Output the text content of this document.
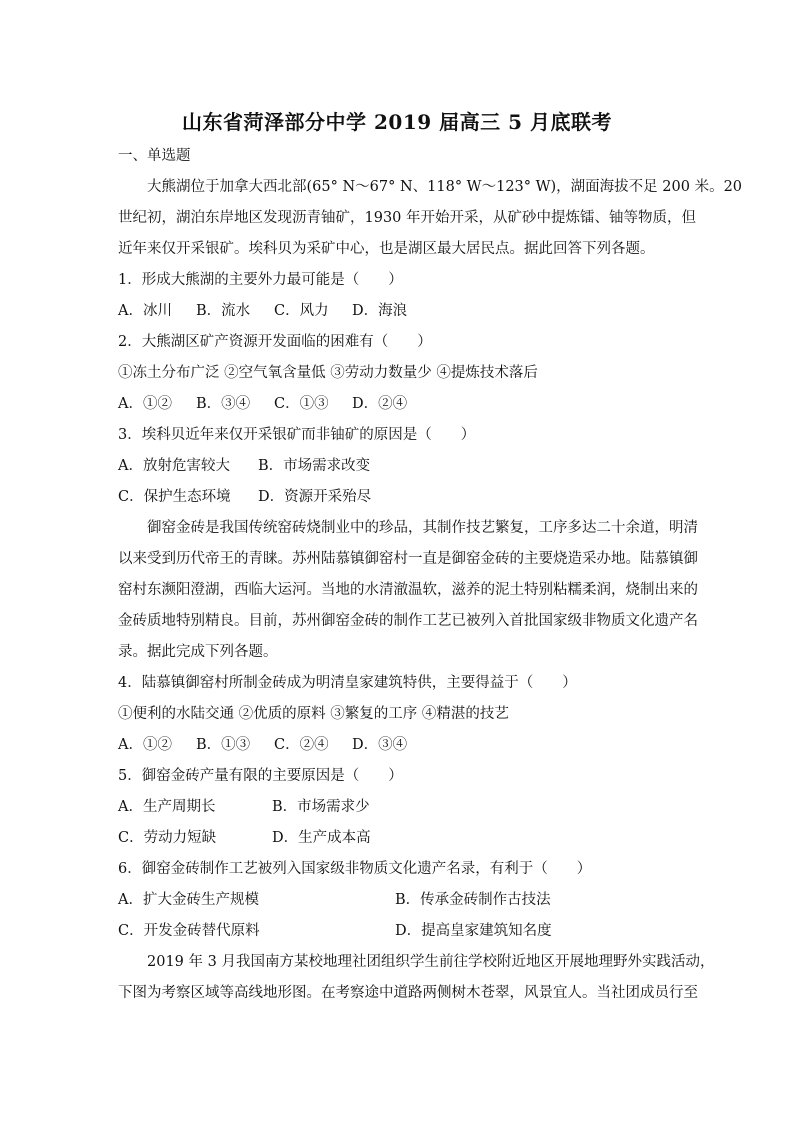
山东省菏泽部分中学 2019 届高三 5 月底联考
一、单选题
大熊湖位于加拿大西北部(65° N～67° N、118° W～123° W)，湖面海拔不足 200 米。20
世纪初，湖泊东岸地区发现沥青铀矿，1930 年开始开采，从矿砂中提炼镭、铀等物质，但
近年来仅开采银矿。埃科贝为采矿中心，也是湖区最大居民点。据此回答下列各题。
1．形成大熊湖的主要外力最可能是（　　）
A．冰川 B．流水 C．风力 D．海浪
2．大熊湖区矿产资源开发面临的困难有（　　）
①冻土分布广泛 ②空气氧含量低 ③劳动力数量少 ④提炼技术落后
A．①② B．③④ C．①③ D．②④
3．埃科贝近年来仅开采银矿而非铀矿的原因是（　　）
A．放射危害较大 B．市场需求改变
C．保护生态环境 D．资源开采殆尽
御窑金砖是我国传统窑砖烧制业中的珍品，其制作技艺繁复，工序多达二十余道，明清
以来受到历代帝王的青睐。苏州陆慕镇御窑村一直是御窑金砖的主要烧造采办地。陆慕镇御
窑村东濒阳澄湖，西临大运河。当地的水清澈温软，滋养的泥土特别粘糯柔润，烧制出来的
金砖质地特别精良。目前，苏州御窑金砖的制作工艺已被列入首批国家级非物质文化遗产名
录。据此完成下列各题。
4．陆慕镇御窑村所制金砖成为明清皇家建筑特供，主要得益于（　　）
①便利的水陆交通 ②优质的原料 ③繁复的工序 ④精湛的技艺
A．①② B．①③ C．②④ D．③④
5．御窑金砖产量有限的主要原因是（　　）
A．生产周期长	B．市场需求少
C．劳动力短缺	D．生产成本高
6．御窑金砖制作工艺被列入国家级非物质文化遗产名录，有利于（　　）
A．扩大金砖生产规模	B．传承金砖制作古技法
C．开发金砖替代原料	D．提高皇家建筑知名度
2019 年 3 月我国南方某校地理社团组织学生前往学校附近地区开展地理野外实践活动，
下图为考察区域等高线地形图。在考察途中道路两侧树木苍翠，风景宜人。当社团成员行至
